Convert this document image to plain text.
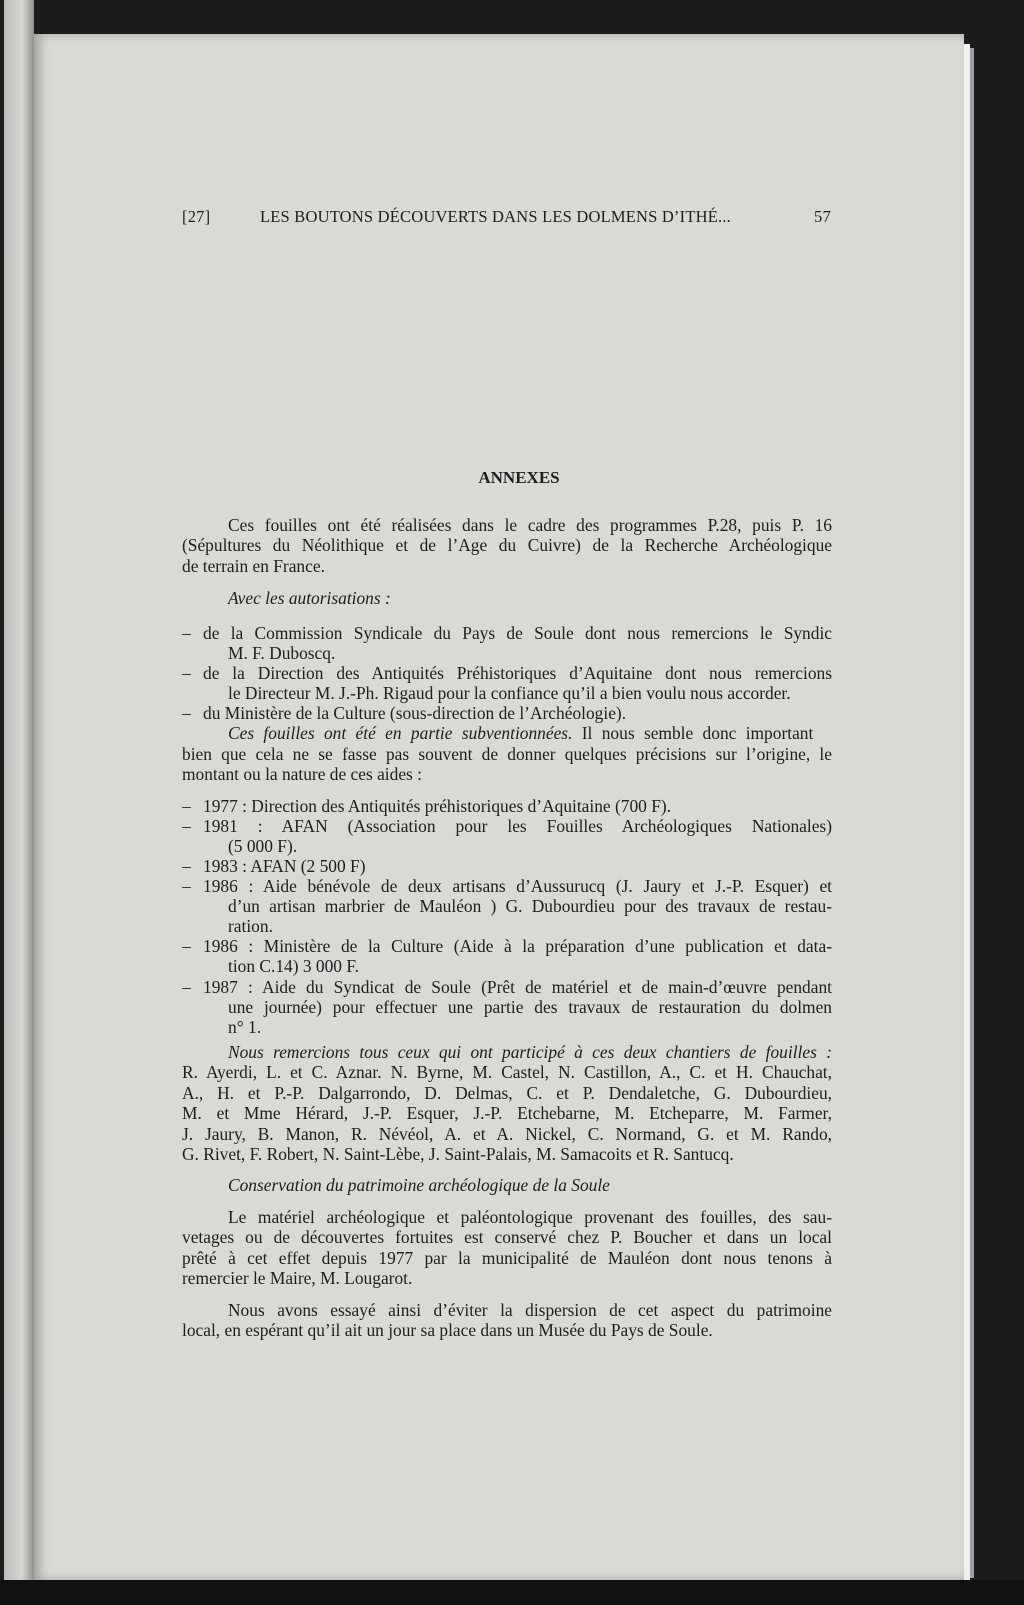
[27]	LES BOUTONS DÉCOUVERTS DANS LES DOLMENS D’ITHÉ...	57
ANNEXES
Ces fouilles ont été réalisées dans le cadre des programmes P.28, puis P. 16
(Sépultures du Néolithique et de l’Age du Cuivre) de la Recherche Archéologique
de terrain en France.
Avec les autorisations :
– de la Commission Syndicale du Pays de Soule dont nous remercions le Syndic
M. F. Duboscq.
– de la Direction des Antiquités Préhistoriques d’Aquitaine dont nous remercions
le Directeur M. J.-Ph. Rigaud pour la confiance qu’il a bien voulu nous accorder.
– du Ministère de la Culture (sous-direction de l’Archéologie).
Ces fouilles ont été en partie subventionnées. Il nous semble donc important
bien que cela ne se fasse pas souvent de donner quelques précisions sur l’origine, le
montant ou la nature de ces aides :
– 1977 : Direction des Antiquités préhistoriques d’Aquitaine (700 F).
– 1981 : AFAN (Association pour les Fouilles Archéologiques Nationales)
(5 000 F).
– 1983 : AFAN (2 500 F)
– 1986 : Aide bénévole de deux artisans d’Aussurucq (J. Jaury et J.-P. Esquer) et
d’un artisan marbrier de Mauléon ) G. Dubourdieu pour des travaux de restau-
ration.
– 1986 : Ministère de la Culture (Aide à la préparation d’une publication et data-
tion C.14) 3 000 F.
– 1987 : Aide du Syndicat de Soule (Prêt de matériel et de main-d’œuvre pendant
une journée) pour effectuer une partie des travaux de restauration du dolmen
n° 1.
Nous remercions tous ceux qui ont participé à ces deux chantiers de fouilles :
R. Ayerdi, L. et C. Aznar. N. Byrne, M. Castel, N. Castillon, A., C. et H. Chauchat,
A., H. et P.-P. Dalgarrondo, D. Delmas, C. et P. Dendaletche, G. Dubourdieu,
M. et Mme Hérard, J.-P. Esquer, J.-P. Etchebarne, M. Etcheparre, M. Farmer,
J. Jaury, B. Manon, R. Névéol, A. et A. Nickel, C. Normand, G. et M. Rando,
G. Rivet, F. Robert, N. Saint-Lèbe, J. Saint-Palais, M. Samacoits et R. Santucq.
Conservation du patrimoine archéologique de la Soule
Le matériel archéologique et paléontologique provenant des fouilles, des sau-
vetages ou de découvertes fortuites est conservé chez P. Boucher et dans un local
prêté à cet effet depuis 1977 par la municipalité de Mauléon dont nous tenons à
remercier le Maire, M. Lougarot.
Nous avons essayé ainsi d’éviter la dispersion de cet aspect du patrimoine
local, en espérant qu’il ait un jour sa place dans un Musée du Pays de Soule.
